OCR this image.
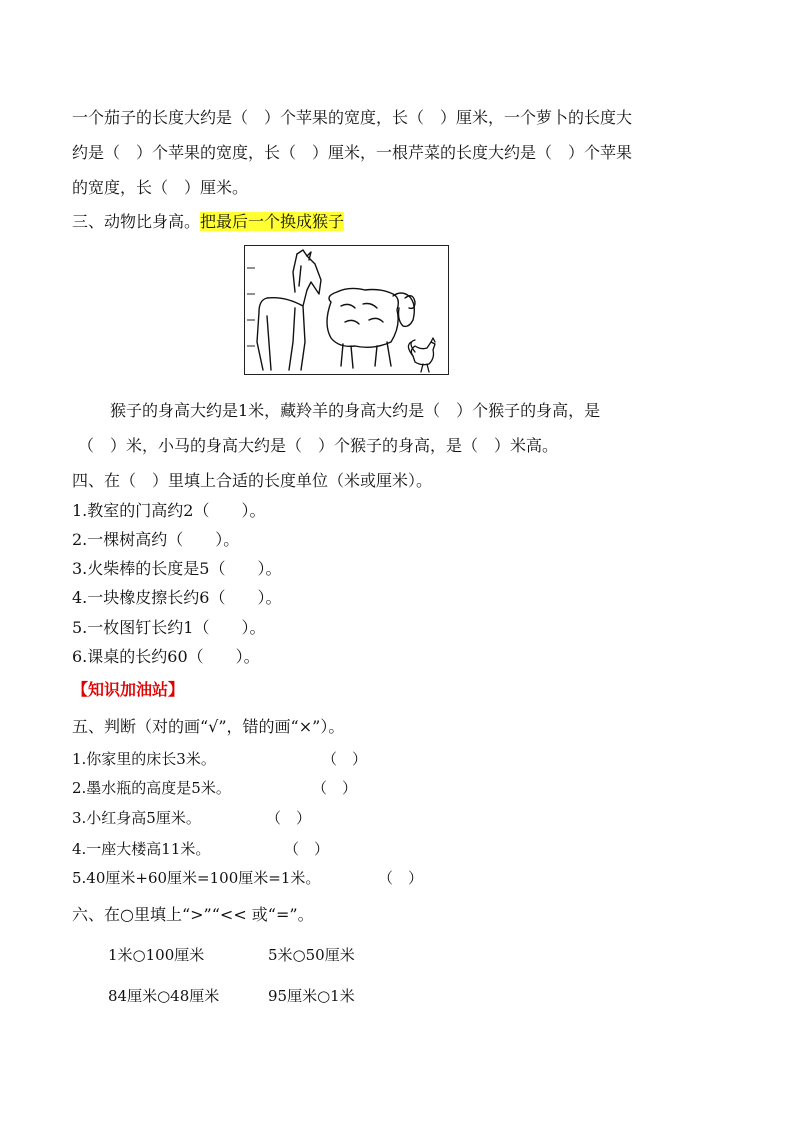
一个茄子的长度大约是（　）个苹果的宽度，长（　）厘米，一个萝卜的长度大
约是（　）个苹果的宽度，长（　）厘米，一根芹菜的长度大约是（　）个苹果
的宽度，长（　）厘米。
三、动物比身高。把最后一个换成猴子
猴子的身高大约是1米，藏羚羊的身高大约是（　）个猴子的身高，是
（　）米，小马的身高大约是（　）个猴子的身高，是（　）米高。
四、在（　）里填上合适的长度单位（米或厘米）。
1.教室的门高约2（　　）。
2.一棵树高约（　　）。
3.火柴棒的长度是5（　　）。
4.一块橡皮擦长约6（　　）。
5.一枚图钉长约1（　　）。
6.课桌的长约60（　　）。
【知识加油站】
五、判断（对的画“√”，错的画“×”）。
1.你家里的床长3米。	（　）
2.墨水瓶的高度是5米。	（　）
3.小红身高5厘米。	（　）
4.一座大楼高11米。	（　）
5.40厘米+60厘米=100厘米=1米。	（　）
六、在○里填上“>”“<< 或“=”。
1米○100厘米	5米○50厘米
84厘米○48厘米	95厘米○1米
